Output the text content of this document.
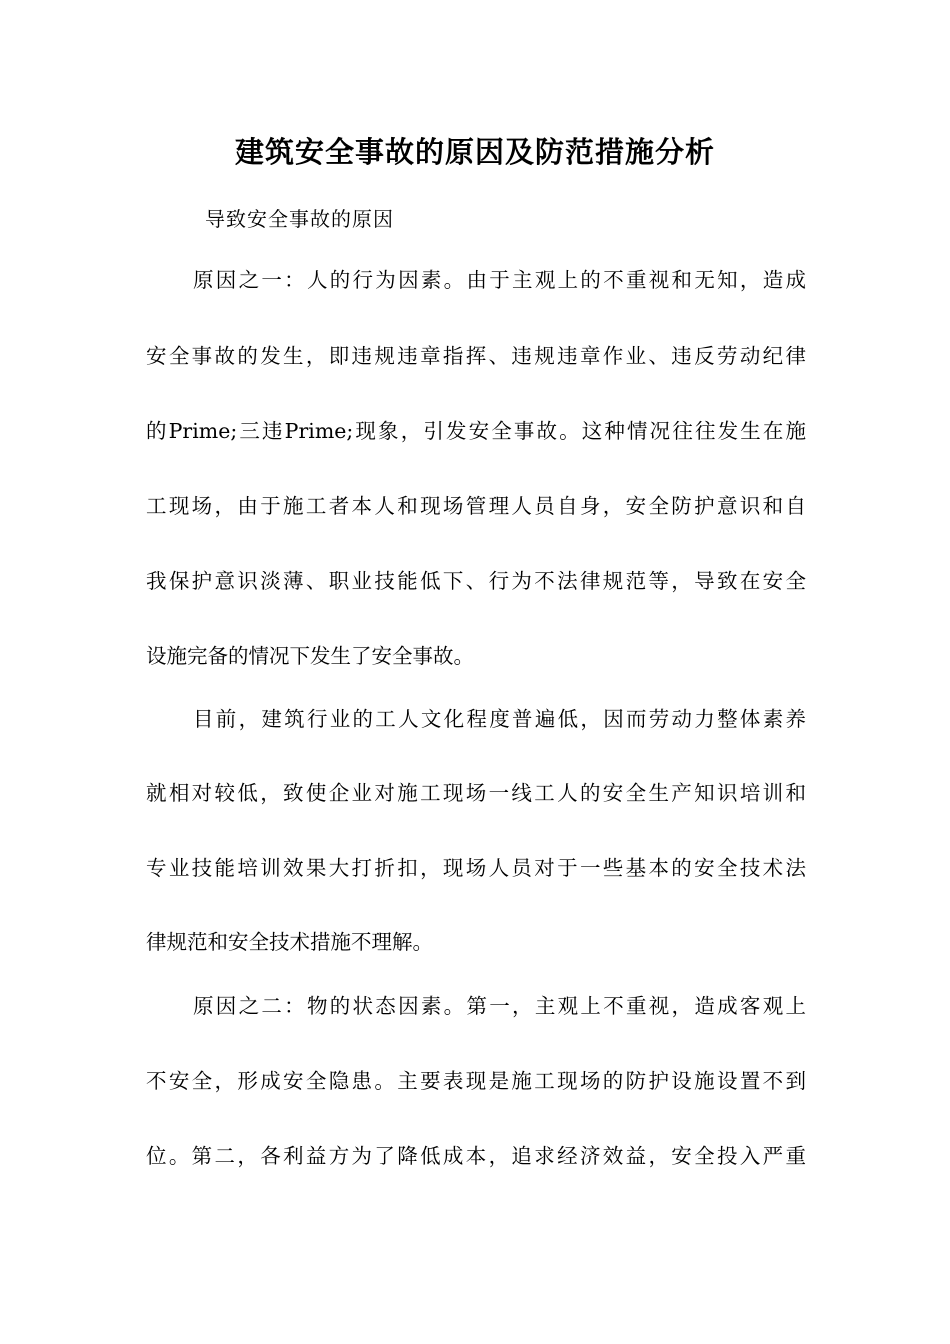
建筑安全事故的原因及防范措施分析
导致安全事故的原因
原因之一：人的行为因素。由于主观上的不重视和无知，造成
安全事故的发生，即违规违章指挥、违规违章作业、违反劳动纪律
的Prime;三违Prime;现象，引发安全事故。这种情况往往发生在施
工现场，由于施工者本人和现场管理人员自身，安全防护意识和自
我保护意识淡薄、职业技能低下、行为不法律规范等，导致在安全
设施完备的情况下发生了安全事故。
目前，建筑行业的工人文化程度普遍低，因而劳动力整体素养
就相对较低，致使企业对施工现场一线工人的安全生产知识培训和
专业技能培训效果大打折扣，现场人员对于一些基本的安全技术法
律规范和安全技术措施不理解。
原因之二：物的状态因素。第一，主观上不重视，造成客观上
不安全，形成安全隐患。主要表现是施工现场的防护设施设置不到
位。第二，各利益方为了降低成本，追求经济效益，安全投入严重
